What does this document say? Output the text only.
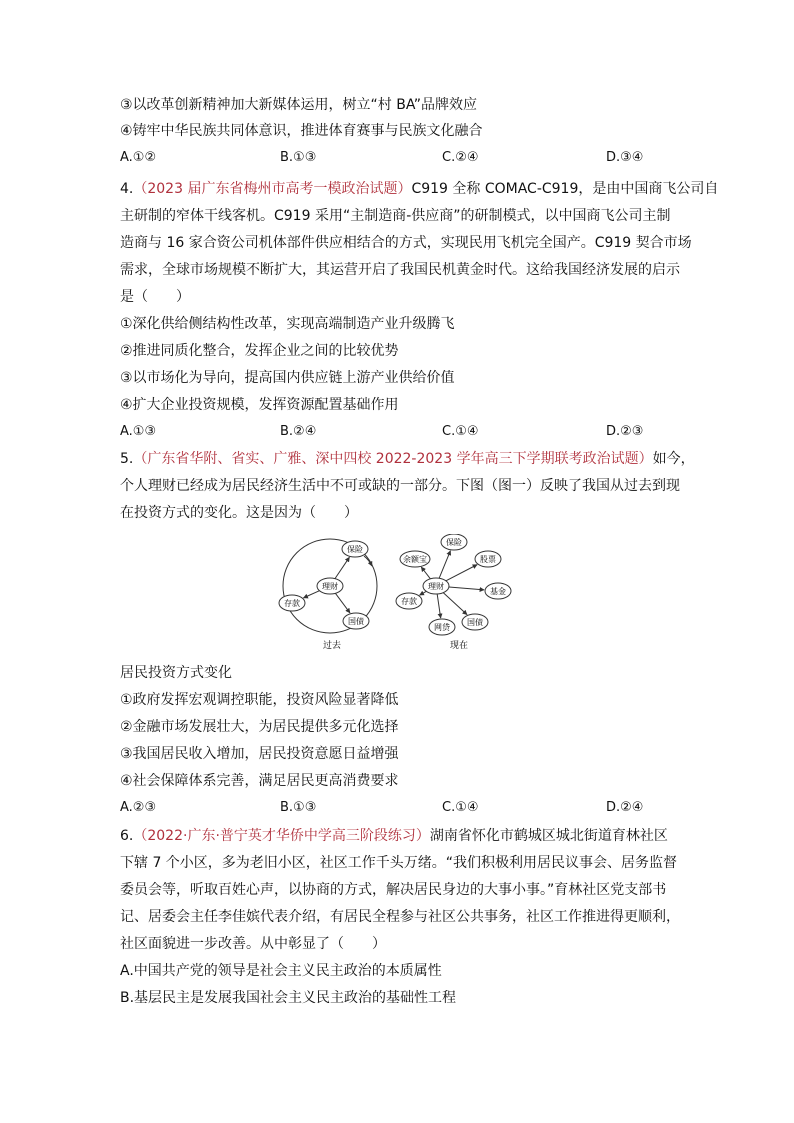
③以改革创新精神加大新媒体运用，树立“村 BA”品牌效应
④铸牢中华民族共同体意识，推进体育赛事与民族文化融合
A.①②	B.①③	C.②④	D.③④
4.（2023 届广东省梅州市高考一模政治试题）C919 全称 COMAC-C919，是由中国商飞公司自
主研制的窄体干线客机。C919 采用“主制造商-供应商”的研制模式，以中国商飞公司主制
造商与 16 家合资公司机体部件供应相结合的方式，实现民用飞机完全国产。C919 契合市场
需求，全球市场规模不断扩大，其运营开启了我国民机黄金时代。这给我国经济发展的启示
是（　　）
①深化供给侧结构性改革，实现高端制造产业升级腾飞
②推进同质化整合，发挥企业之间的比较优势
③以市场化为导向，提高国内供应链上游产业供给价值
④扩大企业投资规模，发挥资源配置基础作用
A.①③	B.②④	C.①④	D.②③
5.（广东省华附、省实、广雅、深中四校 2022-2023 学年高三下学期联考政治试题）如今，
个人理财已经成为居民经济生活中不可或缺的一部分。下图（图一）反映了我国从过去到现
在投资方式的变化。这是因为（　　）
理财
保险
存款
国债
过去
理财
余额宝
保险
股票
基金
国债
网贷
存款
现在
居民投资方式变化
①政府发挥宏观调控职能，投资风险显著降低
②金融市场发展壮大，为居民提供多元化选择
③我国居民收入增加，居民投资意愿日益增强
④社会保障体系完善，满足居民更高消费要求
A.②③	B.①③	C.①④	D.②④
6.（2022·广东·普宁英才华侨中学高三阶段练习）湖南省怀化市鹤城区城北街道育林社区
下辖 7 个小区，多为老旧小区，社区工作千头万绪。“我们积极利用居民议事会、居务监督
委员会等，听取百姓心声，以协商的方式，解决居民身边的大事小事。”育林社区党支部书
记、居委会主任李佳嫔代表介绍，有居民全程参与社区公共事务，社区工作推进得更顺利，
社区面貌进一步改善。从中彰显了（　　）
A.中国共产党的领导是社会主义民主政治的本质属性
B.基层民主是发展我国社会主义民主政治的基础性工程
